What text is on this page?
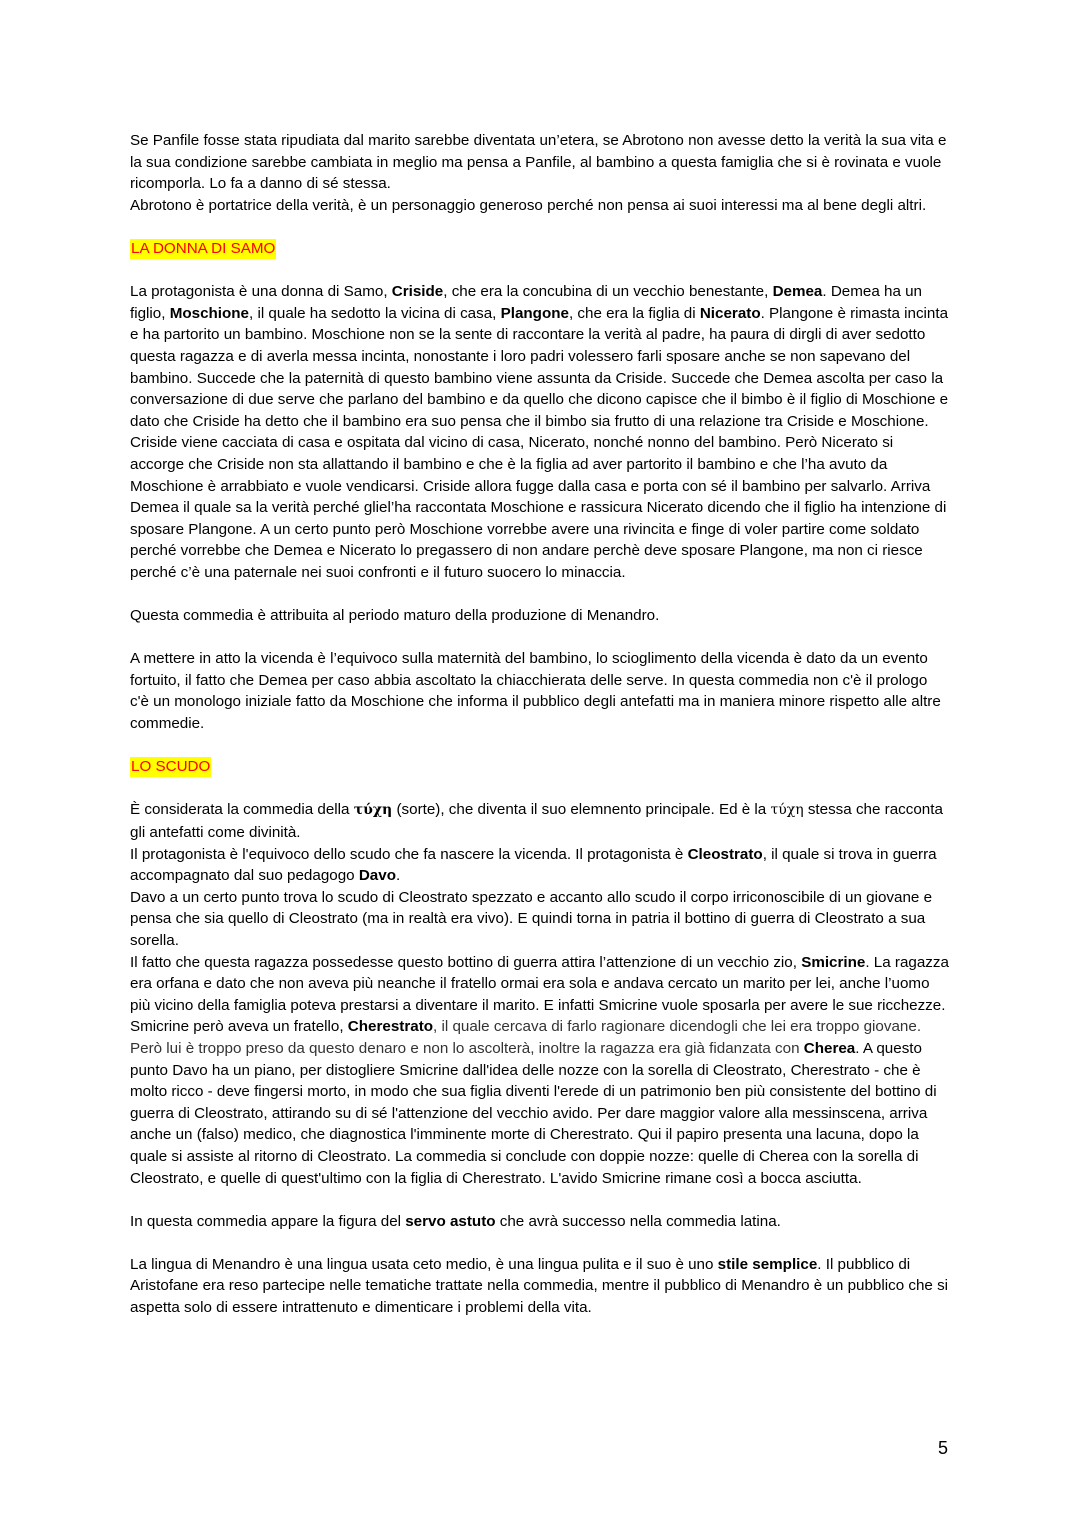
Se Panfile fosse stata ripudiata dal marito sarebbe diventata un’etera, se Abrotono non avesse detto la verità la sua vita e la sua condizione sarebbe cambiata in meglio ma pensa a Panfile, al bambino a questa famiglia che si è rovinata e vuole ricomporla. Lo fa a danno di sé stessa.
Abrotono è portatrice della verità, è un personaggio generoso perché non pensa ai suoi interessi ma al bene degli altri.
LA DONNA DI SAMO
La protagonista è una donna di Samo, Criside, che era la concubina di un vecchio benestante, Demea. Demea ha un figlio, Moschione, il quale ha sedotto la vicina di casa, Plangone, che era la figlia di Nicerato. Plangone è rimasta incinta e ha partorito un bambino. Moschione non se la sente di raccontare la verità al padre, ha paura di dirgli di aver sedotto questa ragazza e di averla messa incinta, nonostante i loro padri volessero farli sposare anche se non sapevano del bambino. Succede che la paternità di questo bambino viene assunta da Criside. Succede che Demea ascolta per caso la conversazione di due serve che parlano del bambino e da quello che dicono capisce che il bimbo è il figlio di Moschione e dato che Criside ha detto che il bambino era suo pensa che il bimbo sia frutto di una relazione tra Criside e Moschione. Criside viene cacciata di casa e ospitata dal vicino di casa, Nicerato, nonché nonno del bambino. Però Nicerato si accorge che Criside non sta allattando il bambino e che è la figlia ad aver partorito il bambino e che l’ha avuto da Moschione è arrabbiato e vuole vendicarsi. Criside allora fugge dalla casa e porta con sé il bambino per salvarlo. Arriva Demea il quale sa la verità perché gliel’ha raccontata Moschione e rassicura Nicerato dicendo che il figlio ha intenzione di sposare Plangone. A un certo punto però Moschione vorrebbe avere una rivincita e finge di voler partire come soldato perché vorrebbe che Demea e Nicerato lo pregassero di non andare perchè deve sposare Plangone, ma non ci riesce perché c’è una paternale nei suoi confronti e il futuro suocero lo minaccia.
Questa commedia è attribuita al periodo maturo della produzione di Menandro.
A mettere in atto la vicenda è l’equivoco sulla maternità del bambino, lo scioglimento della vicenda è dato da un evento fortuito, il fatto che Demea per caso abbia ascoltato la chiacchierata delle serve. In questa commedia non c'è il prologo c'è un monologo iniziale fatto da Moschione che informa il pubblico degli antefatti ma in maniera minore rispetto alle altre commedie.
LO SCUDO
È considerata la commedia della τύχη (sorte), che diventa il suo elemnento principale. Ed è la τύχη stessa che racconta gli antefatti come divinità.
Il protagonista è l'equivoco dello scudo che fa nascere la vicenda. Il protagonista è Cleostrato, il quale si trova in guerra accompagnato dal suo pedagogo Davo.
Davo a un certo punto trova lo scudo di Cleostrato spezzato e accanto allo scudo il corpo irriconoscibile di un giovane e pensa che sia quello di Cleostrato (ma in realtà era vivo). E quindi torna in patria il bottino di guerra di Cleostrato a sua sorella.
Il fatto che questa ragazza possedesse questo bottino di guerra attira l’attenzione di un vecchio zio, Smicrine. La ragazza era orfana e dato che non aveva più neanche il fratello ormai era sola e andava cercato un marito per lei, anche l’uomo più vicino della famiglia poteva prestarsi a diventare il marito. E infatti Smicrine vuole sposarla per avere le sue ricchezze. Smicrine però aveva un fratello, Cherestrato, il quale cercava di farlo ragionare dicendogli che lei era troppo giovane. Però lui è troppo preso da questo denaro e non lo ascolterà, inoltre la ragazza era già fidanzata con Cherea. A questo punto Davo ha un piano, per distogliere Smicrine dall'idea delle nozze con la sorella di Cleostrato, Cherestrato - che è molto ricco - deve fingersi morto, in modo che sua figlia diventi l'erede di un patrimonio ben più consistente del bottino di guerra di Cleostrato, attirando su di sé l'attenzione del vecchio avido. Per dare maggior valore alla messinscena, arriva anche un (falso) medico, che diagnostica l'imminente morte di Cherestrato. Qui il papiro presenta una lacuna, dopo la quale si assiste al ritorno di Cleostrato. La commedia si conclude con doppie nozze: quelle di Cherea con la sorella di Cleostrato, e quelle di quest'ultimo con la figlia di Cherestrato. L'avido Smicrine rimane così a bocca asciutta.
In questa commedia appare la figura del servo astuto che avrà successo nella commedia latina.
La lingua di Menandro è una lingua usata ceto medio, è una lingua pulita e il suo è uno stile semplice. Il pubblico di Aristofane era reso partecipe nelle tematiche trattate nella commedia, mentre il pubblico di Menandro è un pubblico che si aspetta solo di essere intrattenuto e dimenticare i problemi della vita.
5
